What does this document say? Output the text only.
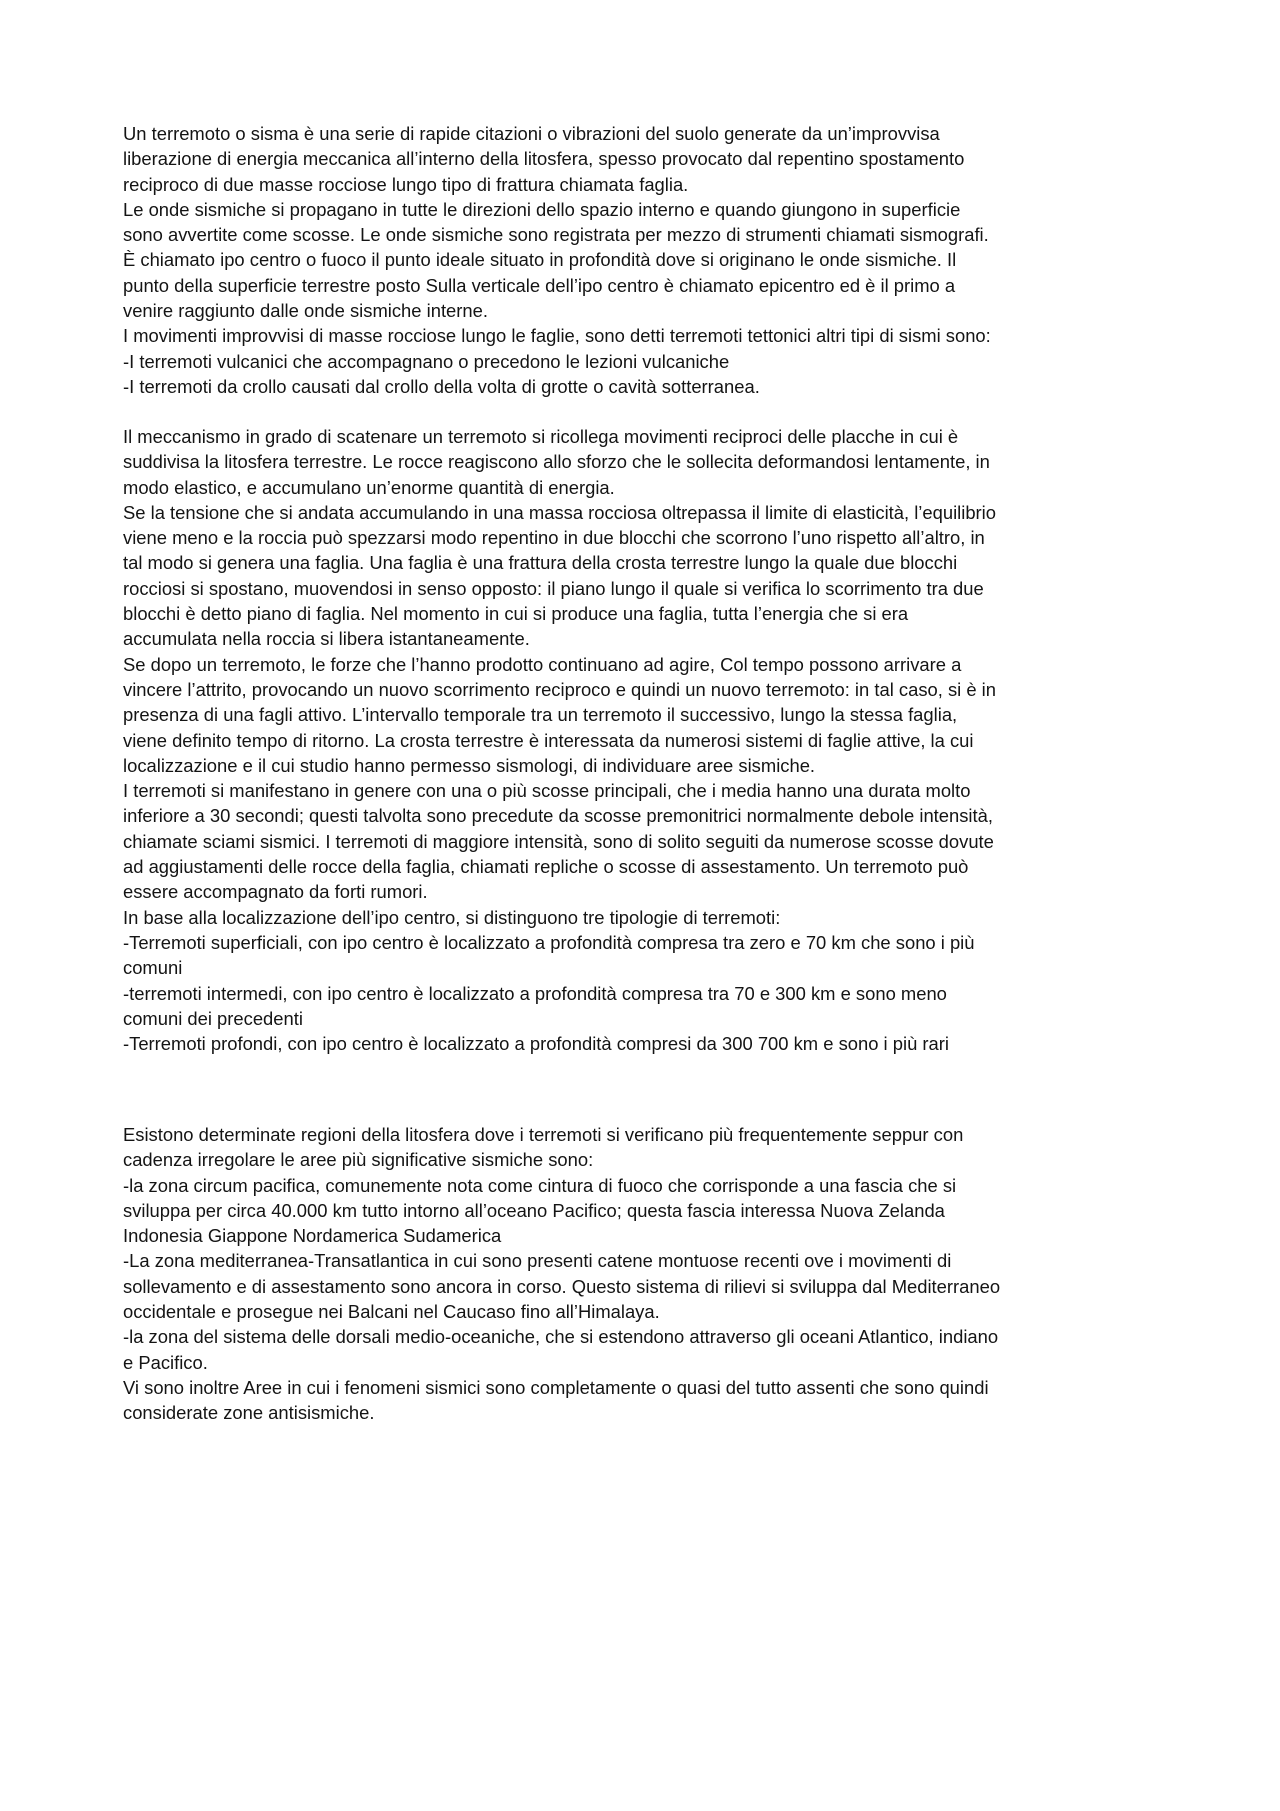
Un terremoto o sisma è una serie di rapide citazioni o vibrazioni del suolo generate da un’improvvisa
liberazione di energia meccanica all’interno della litosfera, spesso provocato dal repentino spostamento
reciproco di due masse rocciose lungo tipo di frattura chiamata faglia.
Le onde sismiche si propagano in tutte le direzioni dello spazio interno e quando giungono in superficie
sono avvertite come scosse. Le onde sismiche sono registrata per mezzo di strumenti chiamati sismografi.
È chiamato ipo centro o fuoco il punto ideale situato in profondità dove si originano le onde sismiche. Il
punto della superficie terrestre posto Sulla verticale dell’ipo centro è chiamato epicentro ed è il primo a
venire raggiunto dalle onde sismiche interne.
I movimenti improvvisi di masse rocciose lungo le faglie, sono detti terremoti tettonici altri tipi di sismi sono:
-I terremoti vulcanici che accompagnano o precedono le lezioni vulcaniche
-I terremoti da crollo causati dal crollo della volta di grotte o cavità sotterranea.
Il meccanismo in grado di scatenare un terremoto si ricollega movimenti reciproci delle placche in cui è
suddivisa la litosfera terrestre. Le rocce reagiscono allo sforzo che le sollecita deformandosi lentamente, in
modo elastico, e accumulano un’enorme quantità di energia.
Se la tensione che si andata accumulando in una massa rocciosa oltrepassa il limite di elasticità, l’equilibrio
viene meno e la roccia può spezzarsi modo repentino in due blocchi che scorrono l’uno rispetto all’altro, in
tal modo si genera una faglia. Una faglia è una frattura della crosta terrestre lungo la quale due blocchi
rocciosi si spostano, muovendosi in senso opposto: il piano lungo il quale si verifica lo scorrimento tra due
blocchi è detto piano di faglia. Nel momento in cui si produce una faglia, tutta l’energia che si era
accumulata nella roccia si libera istantaneamente.
Se dopo un terremoto, le forze che l’hanno prodotto continuano ad agire, Col tempo possono arrivare a
vincere l’attrito, provocando un nuovo scorrimento reciproco e quindi un nuovo terremoto: in tal caso, si è in
presenza di una fagli attivo. L’intervallo temporale tra un terremoto il successivo, lungo la stessa faglia,
viene definito tempo di ritorno. La crosta terrestre è interessata da numerosi sistemi di faglie attive, la cui
localizzazione e il cui studio hanno permesso sismologi, di individuare aree sismiche.
I terremoti si manifestano in genere con una o più scosse principali, che i media hanno una durata molto
inferiore a 30 secondi; questi talvolta sono precedute da scosse premonitrici normalmente debole intensità,
chiamate sciami sismici. I terremoti di maggiore intensità, sono di solito seguiti da numerose scosse dovute
ad aggiustamenti delle rocce della faglia, chiamati repliche o scosse di assestamento. Un terremoto può
essere accompagnato da forti rumori.
In base alla localizzazione dell’ipo centro, si distinguono tre tipologie di terremoti:
-Terremoti superficiali, con ipo centro è localizzato a profondità compresa tra zero e 70 km che sono i più
comuni
-terremoti intermedi, con ipo centro è localizzato a profondità compresa tra 70 e 300 km e sono meno
comuni dei precedenti
-Terremoti profondi, con ipo centro è localizzato a profondità compresi da 300 700 km e sono i più rari
Esistono determinate regioni della litosfera dove i terremoti si verificano più frequentemente seppur con
cadenza irregolare le aree più significative sismiche sono:
-la zona circum pacifica, comunemente nota come cintura di fuoco che corrisponde a una fascia che si
sviluppa per circa 40.000 km tutto intorno all’oceano Pacifico; questa fascia interessa Nuova Zelanda
Indonesia Giappone Nordamerica Sudamerica
-La zona mediterranea-Transatlantica in cui sono presenti catene montuose recenti ove i movimenti di
sollevamento e di assestamento sono ancora in corso. Questo sistema di rilievi si sviluppa dal Mediterraneo
occidentale e prosegue nei Balcani nel Caucaso fino all’Himalaya.
-la zona del sistema delle dorsali medio-oceaniche, che si estendono attraverso gli oceani Atlantico, indiano
e Pacifico.
Vi sono inoltre Aree in cui i fenomeni sismici sono completamente o quasi del tutto assenti che sono quindi
considerate zone antisismiche.
